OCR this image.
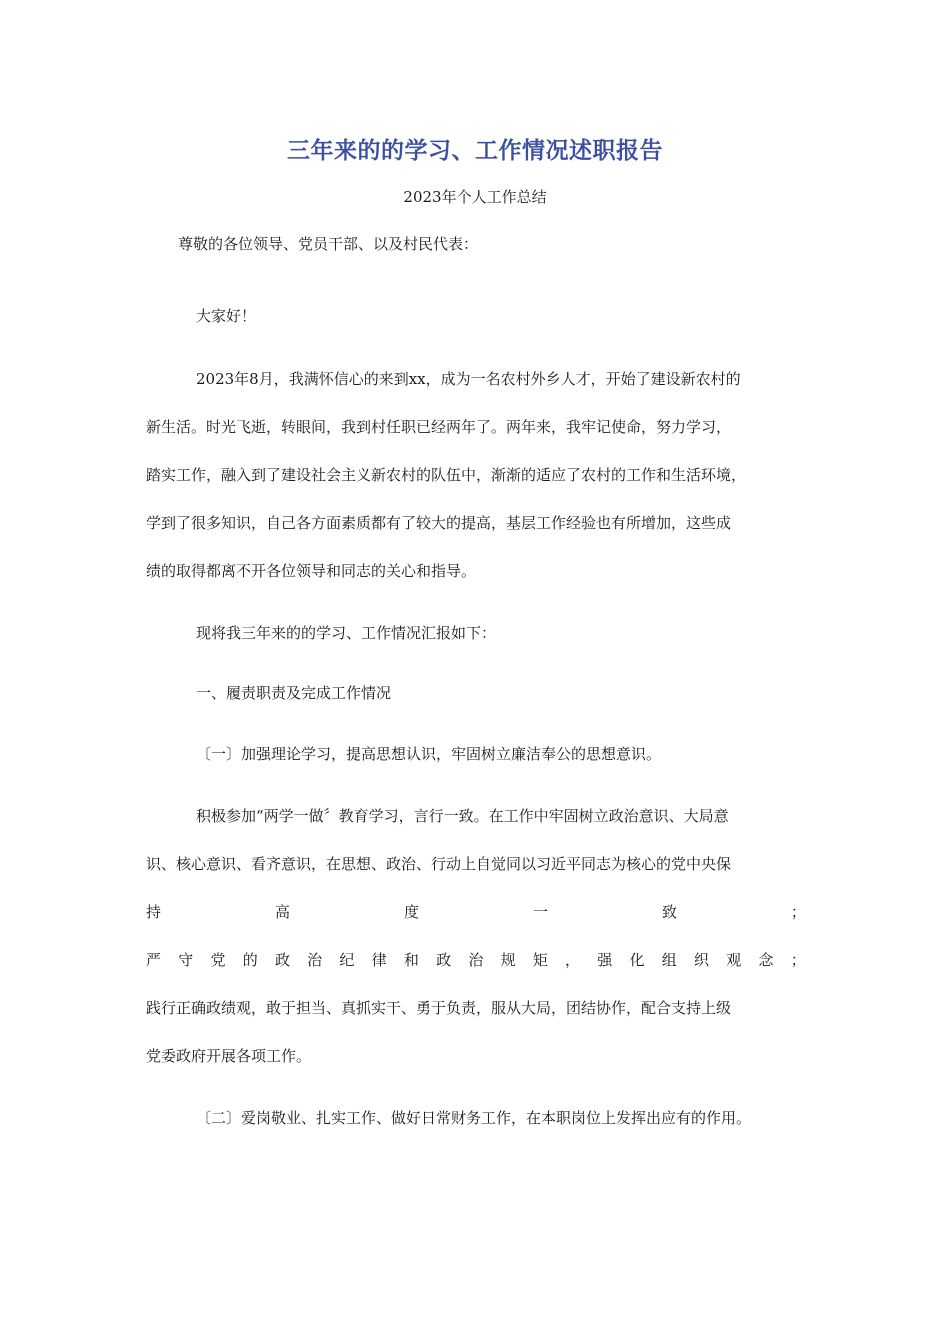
三年来的的学习、工作情况述职报告
2023年个人工作总结
尊敬的各位领导、党员干部、以及村民代表：
大家好！
2023年8月，我满怀信心的来到xx，成为一名农村外乡人才，开始了建设新农村的
新生活。时光飞逝，转眼间，我到村任职已经两年了。两年来，我牢记使命，努力学习，
踏实工作，融入到了建设社会主义新农村的队伍中，渐渐的适应了农村的工作和生活环境，
学到了很多知识，自己各方面素质都有了较大的提高，基层工作经验也有所增加，这些成
绩的取得都离不开各位领导和同志的关心和指导。
现将我三年来的的学习、工作情况汇报如下：
一、履责职责及完成工作情况
〔一〕加强理论学习，提高思想认识，牢固树立廉洁奉公的思想意识。
积极参加“两学一做〞教育学习，言行一致。在工作中牢固树立政治意识、大局意
识、核心意识、看齐意识，在思想、政治、行动上自觉同以习近平同志为核心的党中央保
持	高	度	一	致	；
严 守 党 的 政 治 纪 律 和 政 治 规 矩 ， 强 化 组 织 观 念 ；
践行正确政绩观，敢于担当、真抓实干、勇于负责，服从大局，团结协作，配合支持上级
党委政府开展各项工作。
〔二〕爱岗敬业、扎实工作、做好日常财务工作，在本职岗位上发挥出应有的作用。
